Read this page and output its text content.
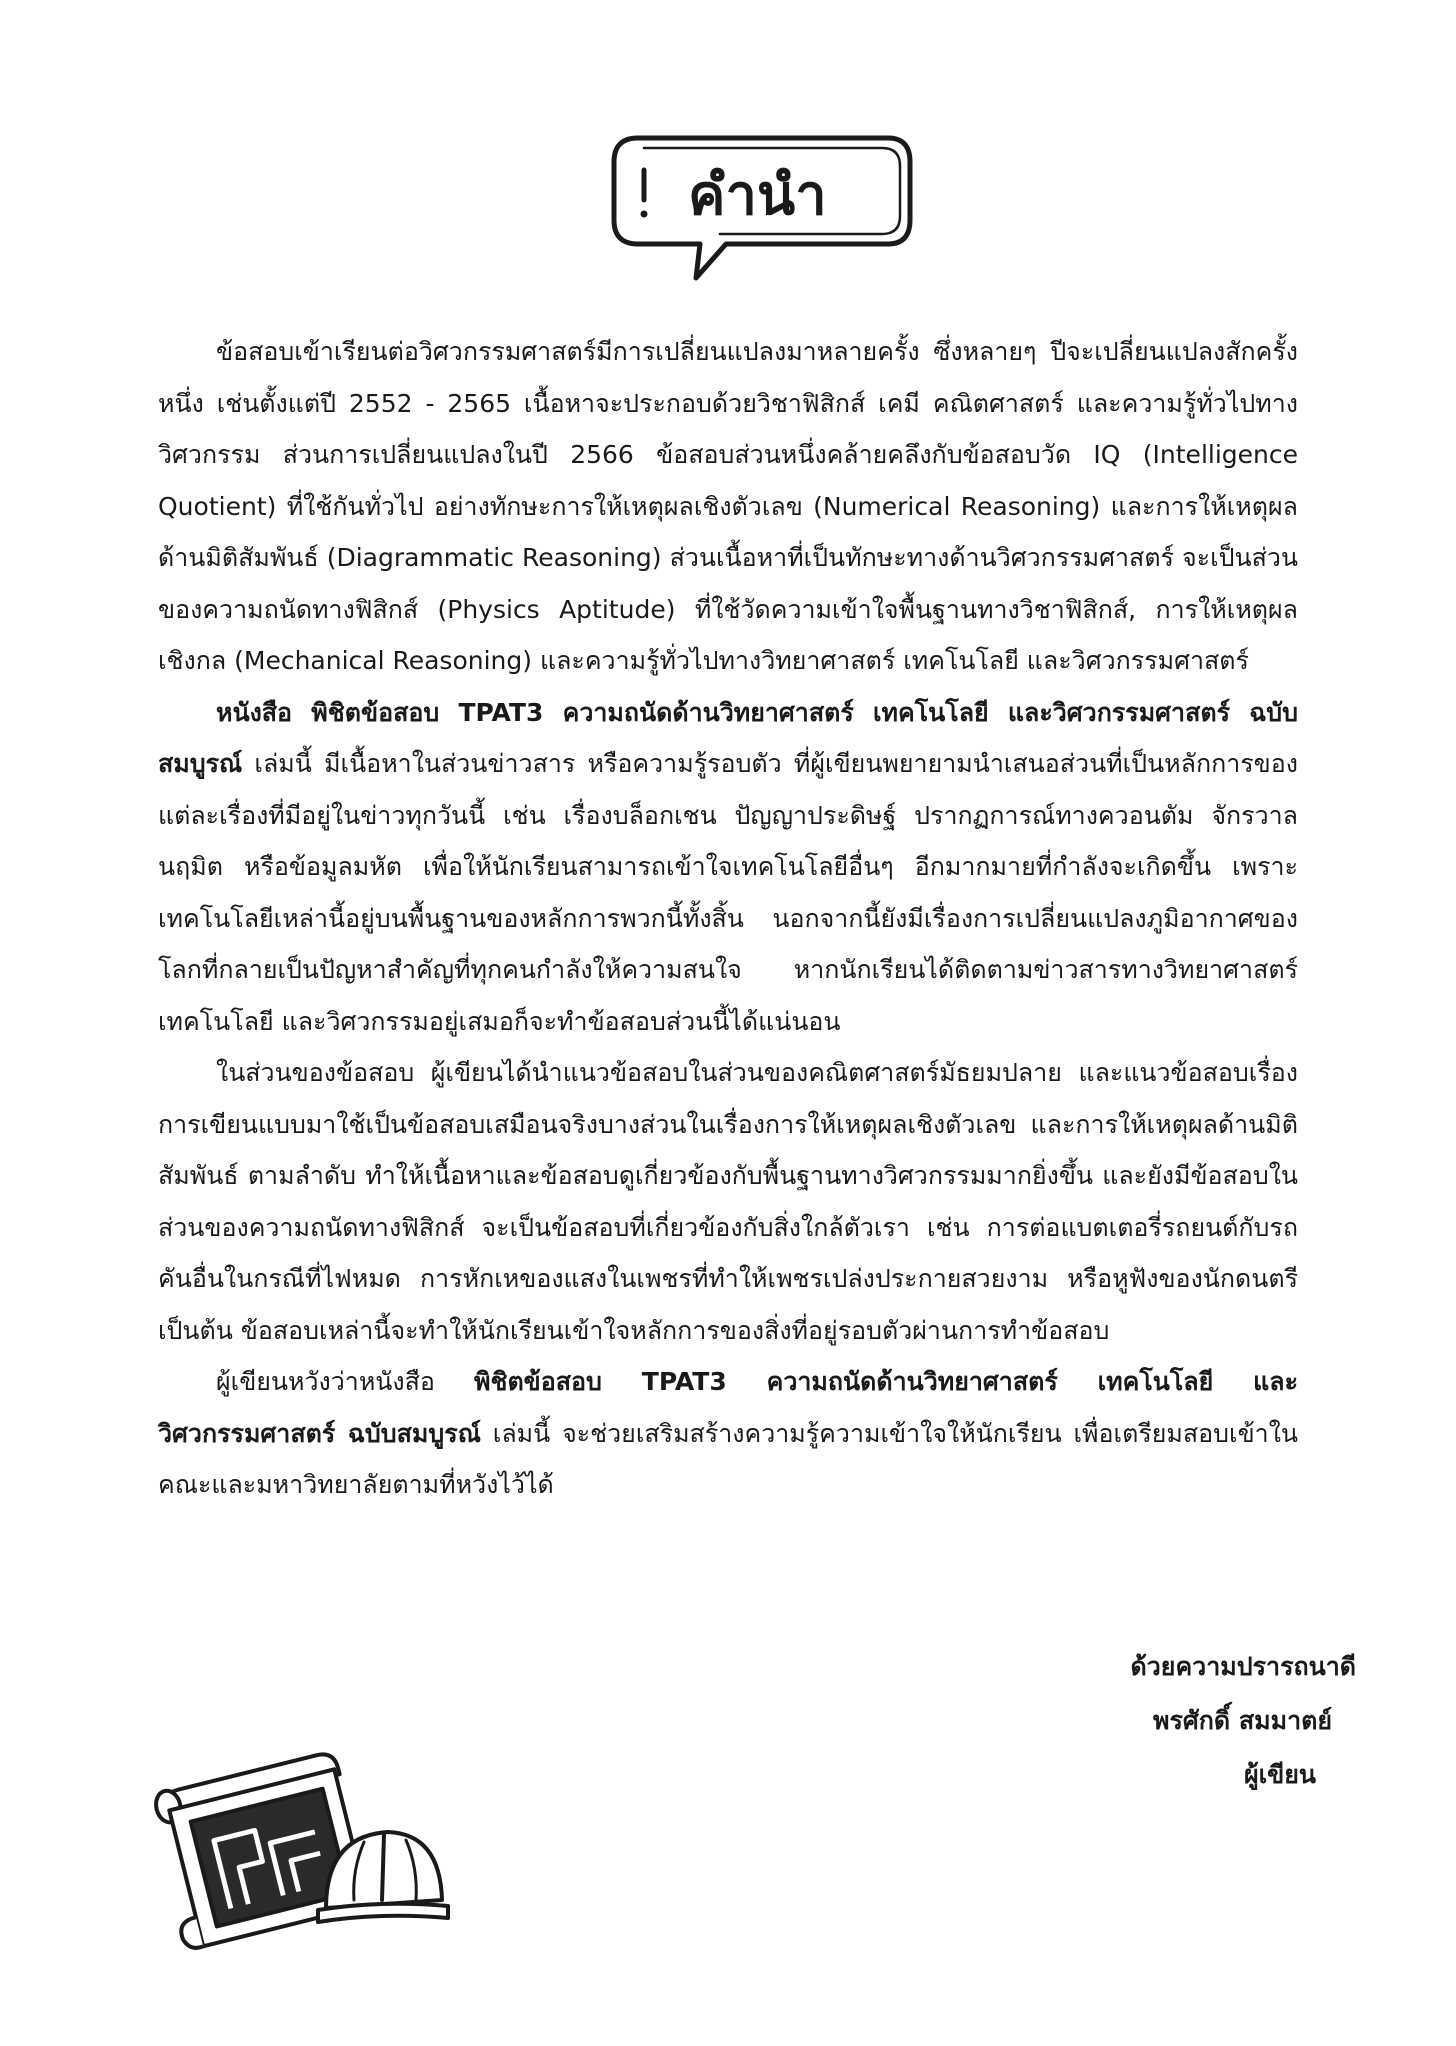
คำนำ

ข้อสอบเข้าเรียนต่อวิศวกรรมศาสตร์มีการเปลี่ยนแปลงมาหลายครั้ง ซึ่งหลายๆ ปีจะเปลี่ยนแปลงสักครั้งหนึ่ง เช่นตั้งแต่ปี 2552 - 2565 เนื้อหาจะประกอบด้วยวิชาฟิสิกส์ เคมี คณิตศาสตร์ และความรู้ทั่วไปทางวิศวกรรม ส่วนการเปลี่ยนแปลงในปี 2566 ข้อสอบส่วนหนึ่งคล้ายคลึงกับข้อสอบวัด IQ (Intelligence Quotient) ที่ใช้กันทั่วไป อย่างทักษะการให้เหตุผลเชิงตัวเลข (Numerical Reasoning) และการให้เหตุผลด้านมิติสัมพันธ์ (Diagrammatic Reasoning) ส่วนเนื้อหาที่เป็นทักษะทางด้านวิศวกรรมศาสตร์ จะเป็นส่วนของความถนัดทางฟิสิกส์ (Physics Aptitude) ที่ใช้วัดความเข้าใจพื้นฐานทางวิชาฟิสิกส์, การให้เหตุผลเชิงกล (Mechanical Reasoning) และความรู้ทั่วไปทางวิทยาศาสตร์ เทคโนโลยี และวิศวกรรมศาสตร์

หนังสือ พิชิตข้อสอบ TPAT3 ความถนัดด้านวิทยาศาสตร์ เทคโนโลยี และวิศวกรรมศาสตร์ ฉบับสมบูรณ์ เล่มนี้ มีเนื้อหาในส่วนข่าวสาร หรือความรู้รอบตัว ที่ผู้เขียนพยายามนำเสนอส่วนที่เป็นหลักการของแต่ละเรื่องที่มีอยู่ในข่าวทุกวันนี้ เช่น เรื่องบล็อกเชน ปัญญาประดิษฐ์ ปรากฏการณ์ทางควอนตัม จักรวาลนฤมิต หรือข้อมูลมหัต เพื่อให้นักเรียนสามารถเข้าใจเทคโนโลยีอื่นๆ อีกมากมายที่กำลังจะเกิดขึ้น เพราะเทคโนโลยีเหล่านี้อยู่บนพื้นฐานของหลักการพวกนี้ทั้งสิ้น นอกจากนี้ยังมีเรื่องการเปลี่ยนแปลงภูมิอากาศของโลกที่กลายเป็นปัญหาสำคัญที่ทุกคนกำลังให้ความสนใจ หากนักเรียนได้ติดตามข่าวสารทางวิทยาศาสตร์ เทคโนโลยี และวิศวกรรมอยู่เสมอก็จะทำข้อสอบส่วนนี้ได้แน่นอน

ในส่วนของข้อสอบ ผู้เขียนได้นำแนวข้อสอบในส่วนของคณิตศาสตร์มัธยมปลาย และแนวข้อสอบเรื่องการเขียนแบบมาใช้เป็นข้อสอบเสมือนจริงบางส่วนในเรื่องการให้เหตุผลเชิงตัวเลข และการให้เหตุผลด้านมิติสัมพันธ์ ตามลำดับ ทำให้เนื้อหาและข้อสอบดูเกี่ยวข้องกับพื้นฐานทางวิศวกรรมมากยิ่งขึ้น และยังมีข้อสอบในส่วนของความถนัดทางฟิสิกส์ จะเป็นข้อสอบที่เกี่ยวข้องกับสิ่งใกล้ตัวเรา เช่น การต่อแบตเตอรี่รถยนต์กับรถคันอื่นในกรณีที่ไฟหมด การหักเหของแสงในเพชรที่ทำให้เพชรเปล่งประกายสวยงาม หรือหูฟังของนักดนตรี เป็นต้น ข้อสอบเหล่านี้จะทำให้นักเรียนเข้าใจหลักการของสิ่งที่อยู่รอบตัวผ่านการทำข้อสอบ

ผู้เขียนหวังว่าหนังสือ พิชิตข้อสอบ TPAT3 ความถนัดด้านวิทยาศาสตร์ เทคโนโลยี และวิศวกรรมศาสตร์ ฉบับสมบูรณ์ เล่มนี้ จะช่วยเสริมสร้างความรู้ความเข้าใจให้นักเรียน เพื่อเตรียมสอบเข้าในคณะและมหาวิทยาลัยตามที่หวังไว้ได้

ด้วยความปรารถนาดี
พรศักดิ์ สมมาตย์
ผู้เขียน
